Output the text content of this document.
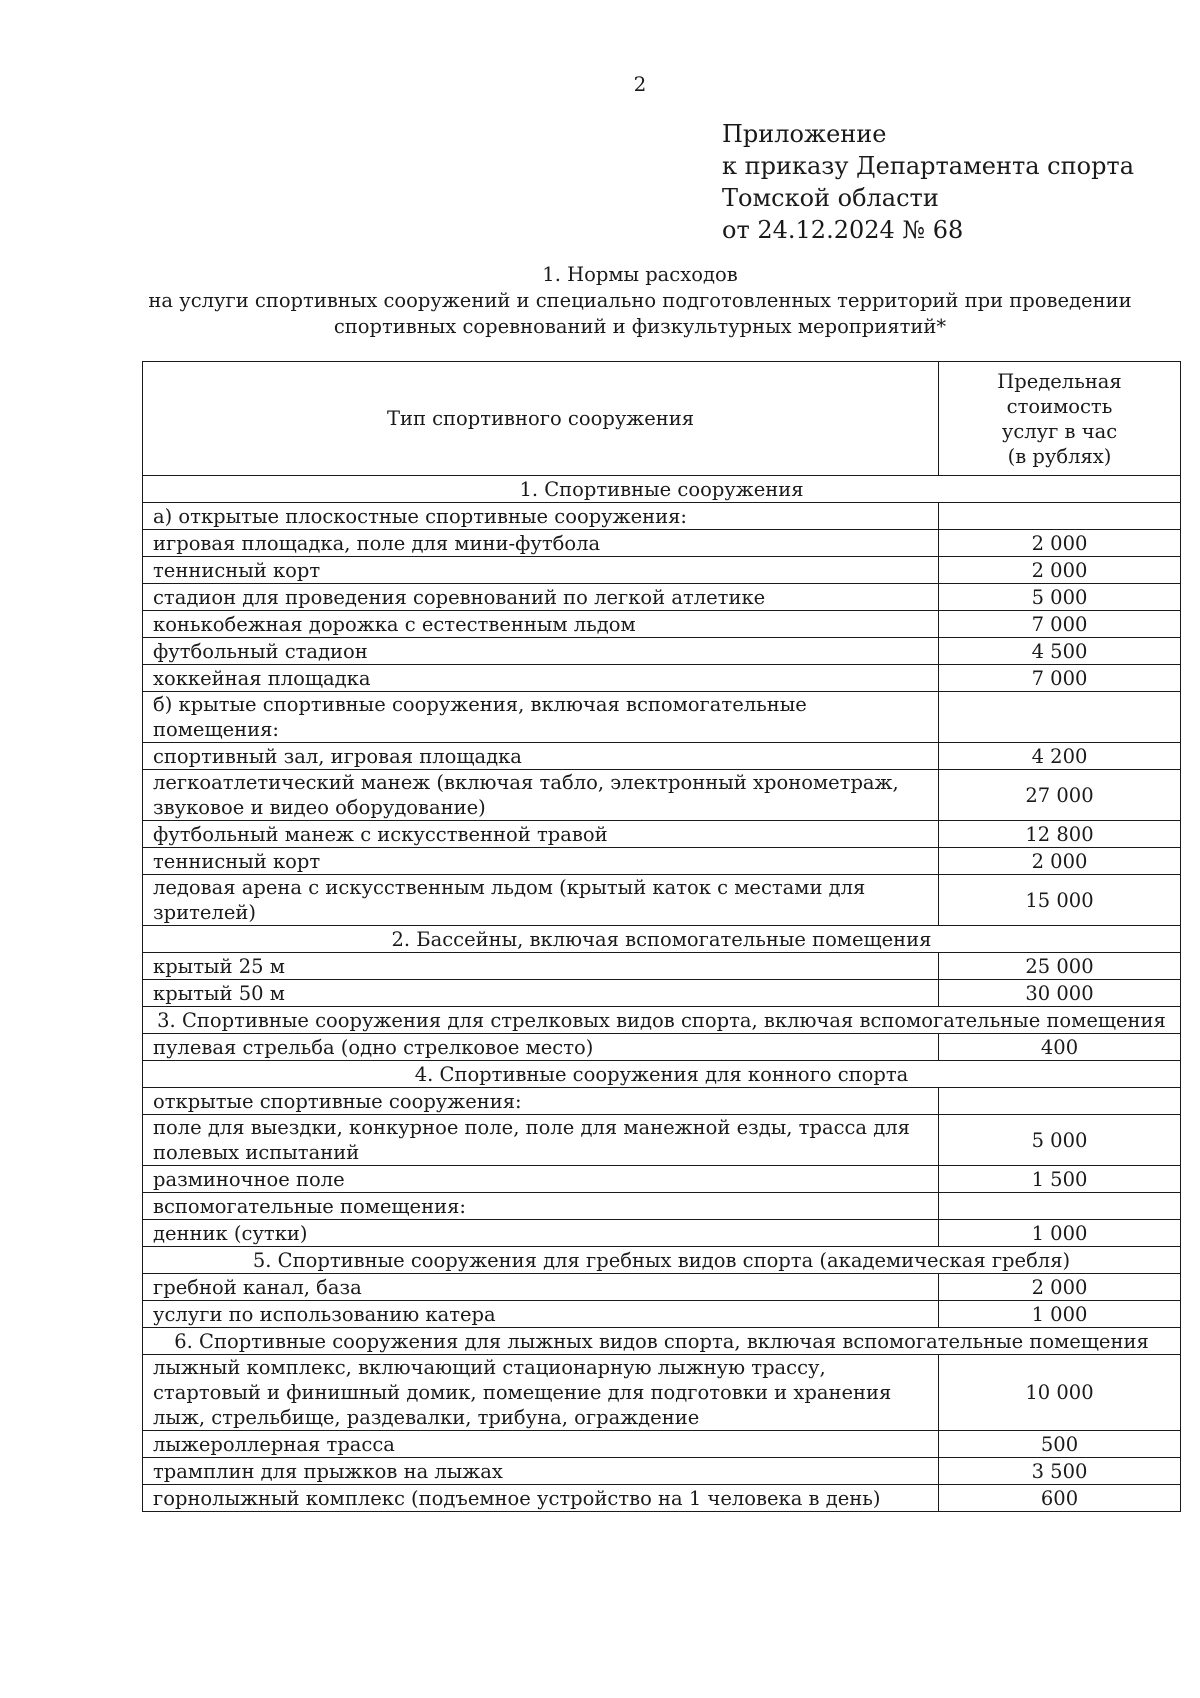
2
Приложение
к приказу Департамента спорта
Томской области
от 24.12.2024 № 68
1. Нормы расходов
на услуги спортивных сооружений и специально подготовленных территорий при проведении
спортивных соревнований и физкультурных мероприятий*
Тип спортивного сооружения	Предельная
стоимость
услуг в час
(в рублях)

1. Спортивные сооружения	
а) открытые плоскостные спортивные сооружения:	
игровая площадка, поле для мини-футбола	2 000
теннисный корт	2 000
стадион для проведения соревнований по легкой атлетике	5 000
конькобежная дорожка с естественным льдом	7 000
футбольный стадион	4 500
хоккейная площадка	7 000
б) крытые спортивные сооружения, включая вспомогательные помещения:	
спортивный зал, игровая площадка	4 200
легкоатлетический манеж (включая табло, электронный хронометраж, звуковое и видео оборудование)	27 000
футбольный манеж с искусственной травой	12 800
теннисный корт	2 000
ледовая арена с искусственным льдом (крытый каток с местами для зрителей)	15 000
2. Бассейны, включая вспомогательные помещения	
крытый 25 м	25 000
крытый 50 м	30 000
3. Спортивные сооружения для стрелковых видов спорта, включая вспомогательные помещения	
пулевая стрельба (одно стрелковое место)	400
4. Спортивные сооружения для конного спорта	
открытые спортивные сооружения:	
поле для выездки, конкурное поле, поле для манежной езды, трасса для полевых испытаний	5 000
разминочное поле	1 500
вспомогательные помещения:	
денник (сутки)	1 000
5. Спортивные сооружения для гребных видов спорта (академическая гребля)	
гребной канал, база	2 000
услуги по использованию катера	1 000
6. Спортивные сооружения для лыжных видов спорта, включая вспомогательные помещения	
лыжный комплекс, включающий стационарную лыжную трассу, стартовый и финишный домик, помещение для подготовки и хранения лыж, стрельбище, раздевалки, трибуна, ограждение	10 000
лыжероллерная трасса	500
трамплин для прыжков на лыжах	3 500
горнолыжный комплекс (подъемное устройство на 1 человека в день)	600
